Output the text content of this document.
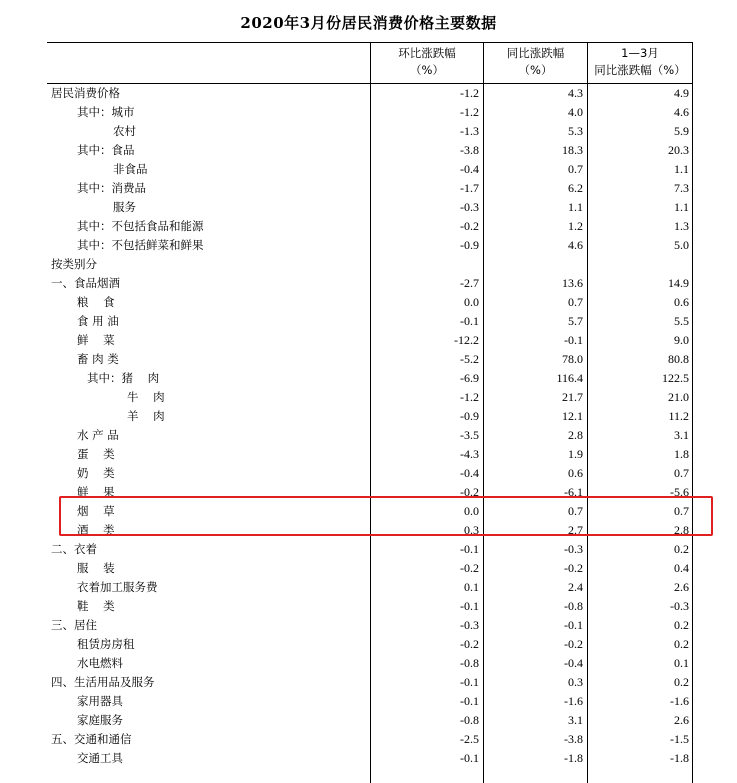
2020年3月份居民消费价格主要数据
环比涨跌幅
（%）
同比涨跌幅
（%）
1—3月
同比涨跌幅（%）
居民消费价格	-1.2	4.3	4.9
其中：城市	-1.2	4.0	4.6
农村	-1.3	5.3	5.9
其中：食品	-3.8	18.3	20.3
非食品	-0.4	0.7	1.1
其中：消费品	-1.7	6.2	7.3
服务	-0.3	1.1	1.1
其中：不包括食品和能源	-0.2	1.2	1.3
其中：不包括鲜菜和鲜果	-0.9	4.6	5.0
按类别分
一、食品烟酒	-2.7	13.6	14.9
粮    食	0.0	0.7	0.6
食 用 油	-0.1	5.7	5.5
鲜    菜	-12.2	-0.1	9.0
畜 肉 类	-5.2	78.0	80.8
其中：猪    肉	-6.9	116.4	122.5
牛    肉	-1.2	21.7	21.0
羊    肉	-0.9	12.1	11.2
水 产 品	-3.5	2.8	3.1
蛋    类	-4.3	1.9	1.8
奶    类	-0.4	0.6	0.7
鲜    果	-0.2	-6.1	-5.6
烟    草	0.0	0.7	0.7
酒    类	0.3	2.7	2.8
二、衣着	-0.1	-0.3	0.2
服    装	-0.2	-0.2	0.4
衣着加工服务费	0.1	2.4	2.6
鞋    类	-0.1	-0.8	-0.3
三、居住	-0.3	-0.1	0.2
租赁房房租	-0.2	-0.2	0.2
水电燃料	-0.8	-0.4	0.1
四、生活用品及服务	-0.1	0.3	0.2
家用器具	-0.1	-1.6	-1.6
家庭服务	-0.8	3.1	2.6
五、交通和通信	-2.5	-3.8	-1.5
交通工具	-0.1	-1.8	-1.8
